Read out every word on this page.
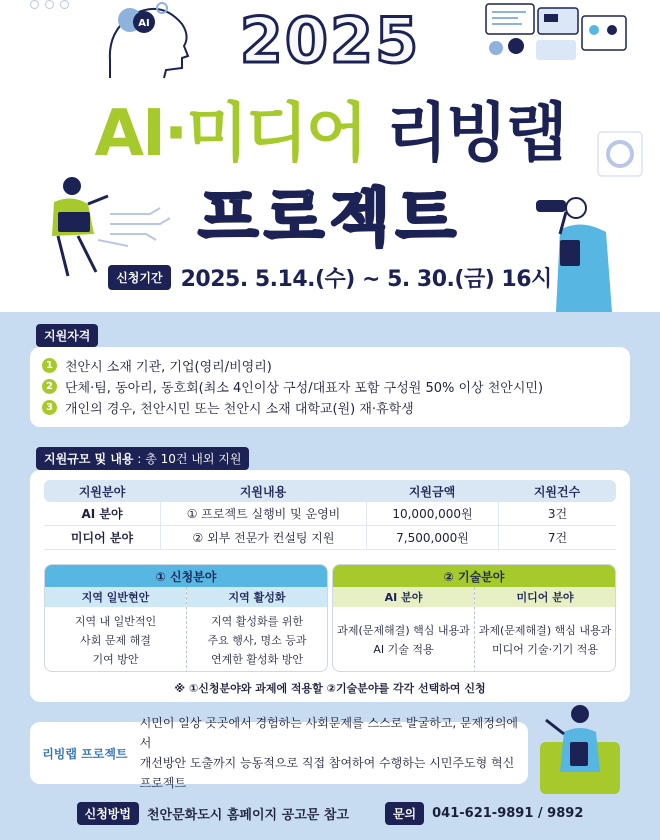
AI	2025
AI·미디어 리빙랩
프로젝트
신청기간 2025. 5.14.(수) ~ 5. 30.(금) 16시
지원자격
1 천안시 소재 기관, 기업(영리/비영리)
2 단체·팀, 동아리, 동호회(최소 4인이상 구성/대표자 포함 구성원 50% 이상 천안시민)
3 개인의 경우, 천안시민 또는 천안시 소재 대학교(원) 재·휴학생
지원규모 및 내용 : 총 10건 내외 지원
지원분야	지원내용	지원금액	지원건수
AI 분야	① 프로젝트 실행비 및 운영비	10,000,000원	3건
미디어 분야	② 외부 전문가 컨설팅 지원	7,500,000원	7건
① 신청분야
지역 일반현안
지역 내 일반적인
사회 문제 해결
기여 방안
지역 활성화
지역 활성화를 위한
주요 행사, 명소 등과
연계한 활성화 방안
② 기술분야
AI 분야
과제(문제해결) 핵심 내용과
AI 기술 적용
미디어 분야
과제(문제해결) 핵심 내용과
미디어 기술·기기 적용
※ ①신청분야와 과제에 적용할 ②기술분야를 각각 선택하여 신청
리빙랩 프로젝트
시민이 일상 곳곳에서 경험하는 사회문제를 스스로 발굴하고, 문제정의에서
개선방안 도출까지 능동적으로 직접 참여하여 수행하는 시민주도형 혁신 프로젝트
신청방법	천안문화도시 홈페이지 공고문 참고	문의	041-621-9891 / 9892
